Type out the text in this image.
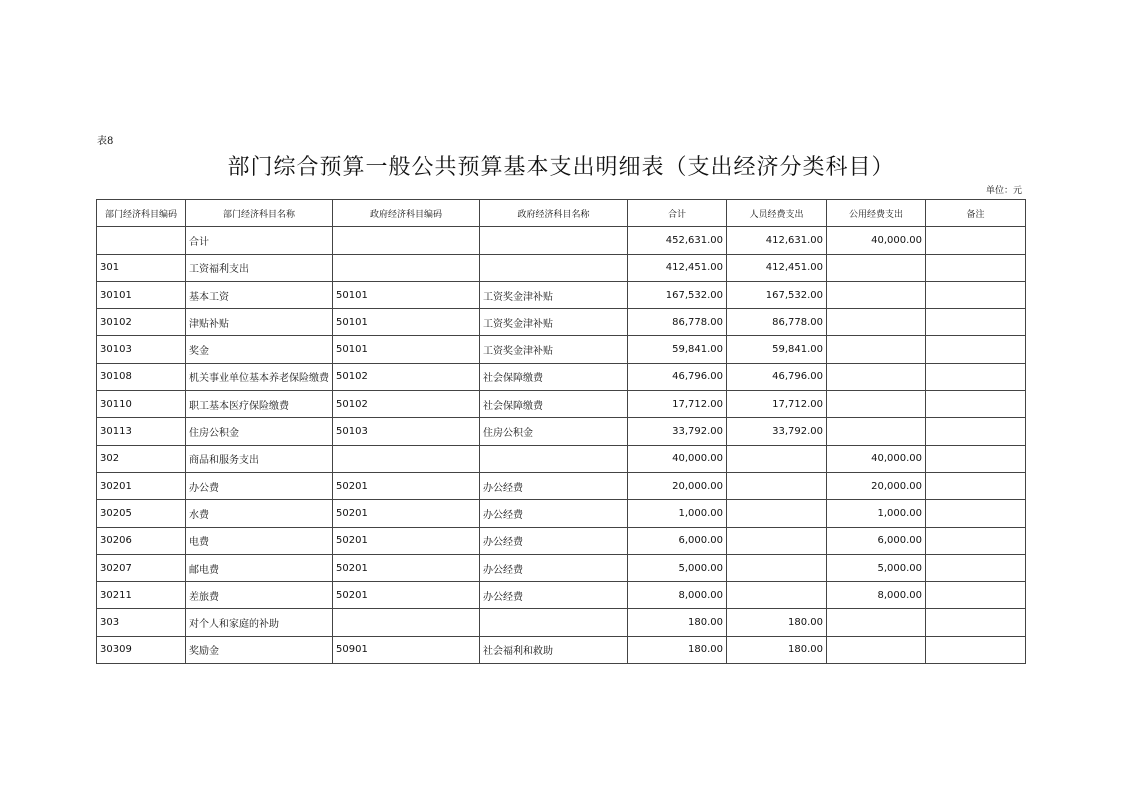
表8
部门综合预算一般公共预算基本支出明细表（支出经济分类科目）
单位：元
部门经济科目编码	部门经济科目名称	政府经济科目编码	政府经济科目名称	合计	人员经费支出	公用经费支出	备注
	合计			452,631.00	412,631.00	40,000.00	
301	工资福利支出			412,451.00	412,451.00		
30101	基本工资	50101	工资奖金津补贴	167,532.00	167,532.00		
30102	津贴补贴	50101	工资奖金津补贴	86,778.00	86,778.00		
30103	奖金	50101	工资奖金津补贴	59,841.00	59,841.00		
30108	机关事业单位基本养老保险缴费	50102	社会保障缴费	46,796.00	46,796.00		
30110	职工基本医疗保险缴费	50102	社会保障缴费	17,712.00	17,712.00		
30113	住房公积金	50103	住房公积金	33,792.00	33,792.00		
302	商品和服务支出			40,000.00		40,000.00	
30201	办公费	50201	办公经费	20,000.00		20,000.00	
30205	水费	50201	办公经费	1,000.00		1,000.00	
30206	电费	50201	办公经费	6,000.00		6,000.00	
30207	邮电费	50201	办公经费	5,000.00		5,000.00	
30211	差旅费	50201	办公经费	8,000.00		8,000.00	
303	对个人和家庭的补助			180.00	180.00		
30309	奖励金	50901	社会福利和救助	180.00	180.00		
